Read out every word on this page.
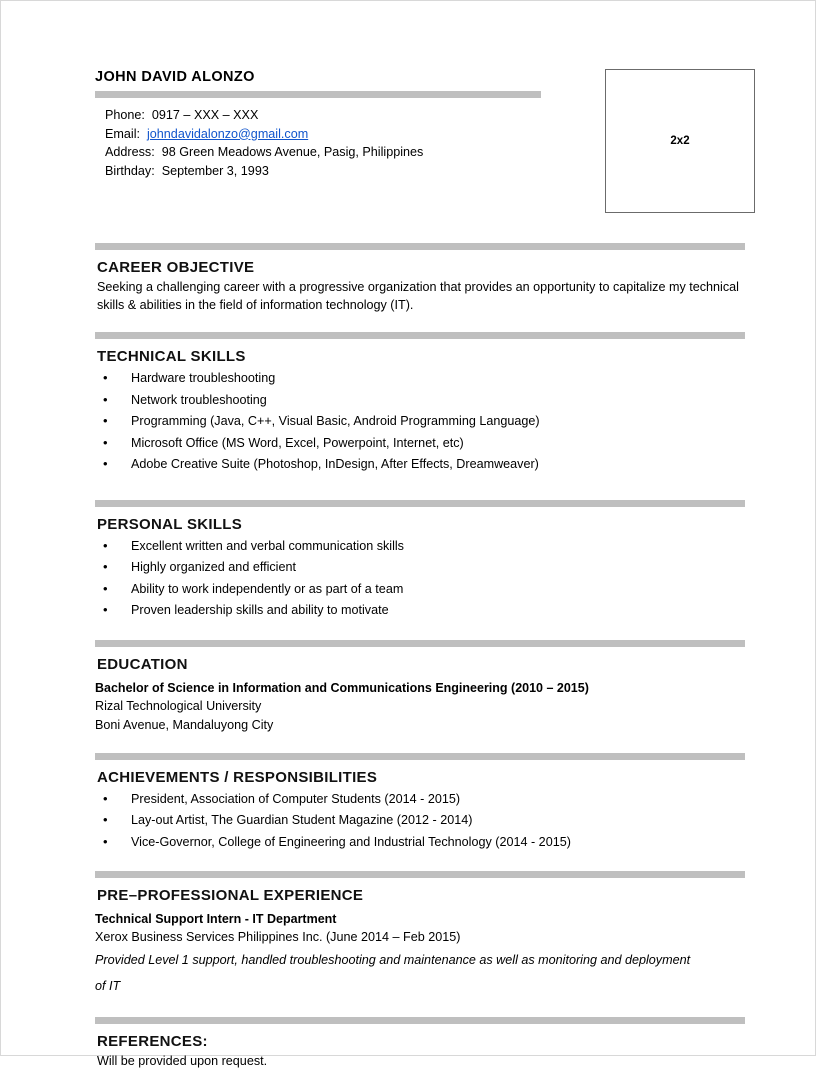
JOHN DAVID ALONZO
Phone: 0917 – XXX – XXX
Email: johndavidalonzo@gmail.com
Address: 98 Green Meadows Avenue, Pasig, Philippines
Birthday: September 3, 1993
2x2
CAREER OBJECTIVE

Seeking a challenging career with a progressive organization that provides an opportunity to capitalize my technical skills & abilities in the field of information technology (IT).

TECHNICAL SKILLS
• Hardware troubleshooting
• Network troubleshooting
• Programming (Java, C++, Visual Basic, Android Programming Language)
• Microsoft Office (MS Word, Excel, Powerpoint, Internet, etc)
• Adobe Creative Suite (Photoshop, InDesign, After Effects, Dreamweaver)
PERSONAL SKILLS
• Excellent written and verbal communication skills
• Highly organized and efficient
• Ability to work independently or as part of a team
• Proven leadership skills and ability to motivate
EDUCATION

Bachelor of Science in Information and Communications Engineering (2010 – 2015)

Rizal Technological University

Boni Avenue, Mandaluyong City

ACHIEVEMENTS / RESPONSIBILITIES
• President, Association of Computer Students (2014 - 2015)
• Lay-out Artist, The Guardian Student Magazine (2012 - 2014)
• Vice-Governor, College of Engineering and Industrial Technology (2014 - 2015)
PRE–PROFESSIONAL EXPERIENCE

Technical Support Intern - IT Department

Xerox Business Services Philippines Inc. (June 2014 – Feb 2015)

Provided Level 1 support, handled troubleshooting and maintenance as well as monitoring and deployment of IT

REFERENCES:

Will be provided upon request.
